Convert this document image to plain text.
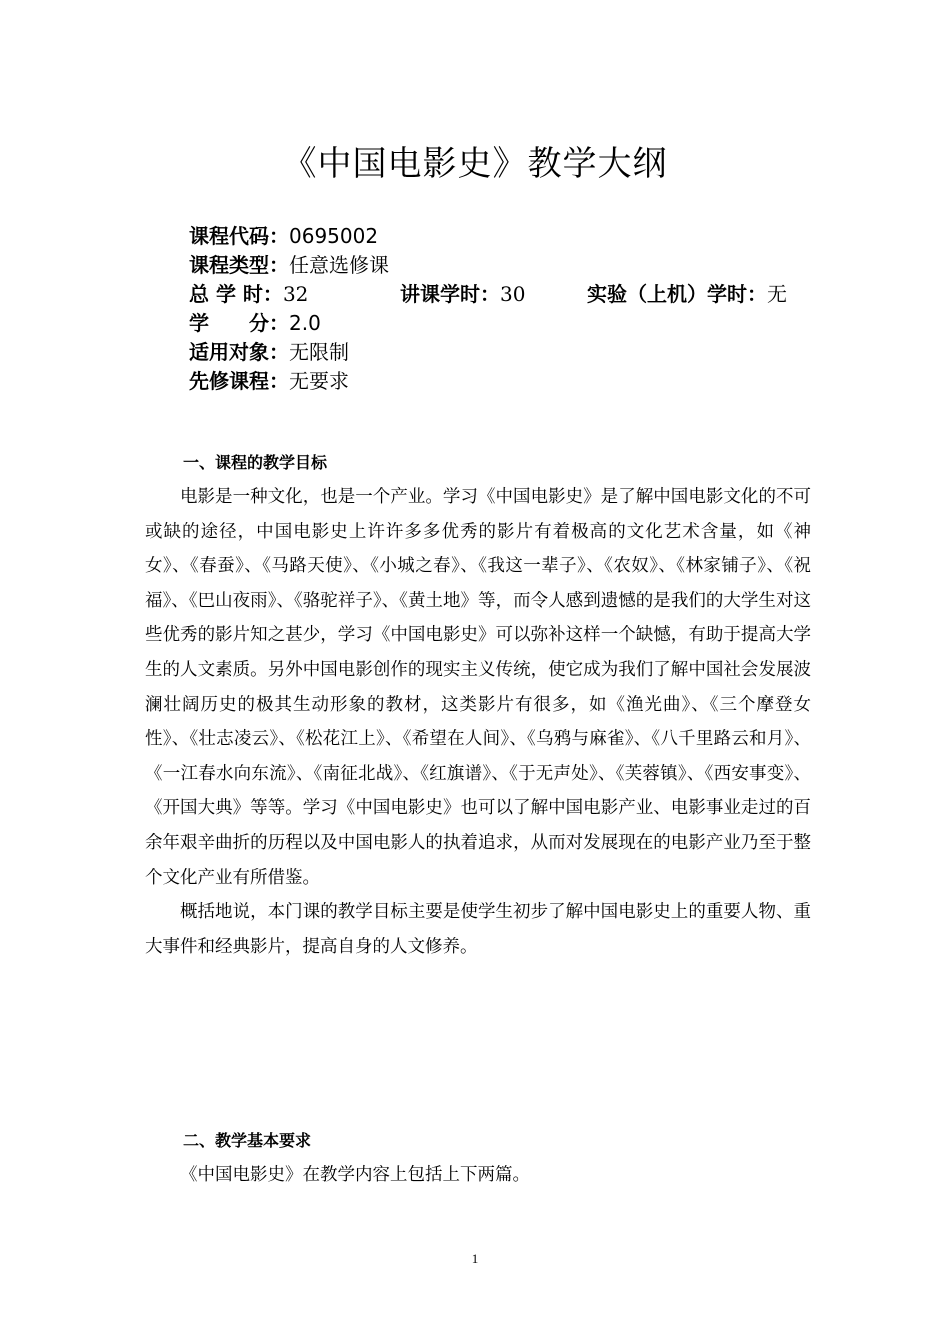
《中国电影史》教学大纲
课程代码：0695002
课程类型：任意选修课
总 学 时：32	讲课学时：30	实验（上机）学时：无
学　　分：2.0
适用对象：无限制
先修课程：无要求
一、课程的教学目标

电影是一种文化，也是一个产业。学习《中国电影史》是了解中国电影文化的不可或缺的途径，中国电影史上许许多多优秀的影片有着极高的文化艺术含量，如《神女》、《春蚕》、《马路天使》、《小城之春》、《我这一辈子》、《农奴》、《林家铺子》、《祝福》、《巴山夜雨》、《骆驼祥子》、《黄土地》等，而令人感到遗憾的是我们的大学生对这些优秀的影片知之甚少，学习《中国电影史》可以弥补这样一个缺憾，有助于提高大学生的人文素质。另外中国电影创作的现实主义传统，使它成为我们了解中国社会发展波澜壮阔历史的极其生动形象的教材，这类影片有很多，如《渔光曲》、《三个摩登女性》、《壮志凌云》、《松花江上》、《希望在人间》、《乌鸦与麻雀》、《八千里路云和月》、《一江春水向东流》、《南征北战》、《红旗谱》、《于无声处》、《芙蓉镇》、《西安事变》、《开国大典》等等。学习《中国电影史》也可以了解中国电影产业、电影事业走过的百余年艰辛曲折的历程以及中国电影人的执着追求，从而对发展现在的电影产业乃至于整个文化产业有所借鉴。

概括地说，本门课的教学目标主要是使学生初步了解中国电影史上的重要人物、重大事件和经典影片，提高自身的人文修养。

二、教学基本要求

《中国电影史》在教学内容上包括上下两篇。

1
